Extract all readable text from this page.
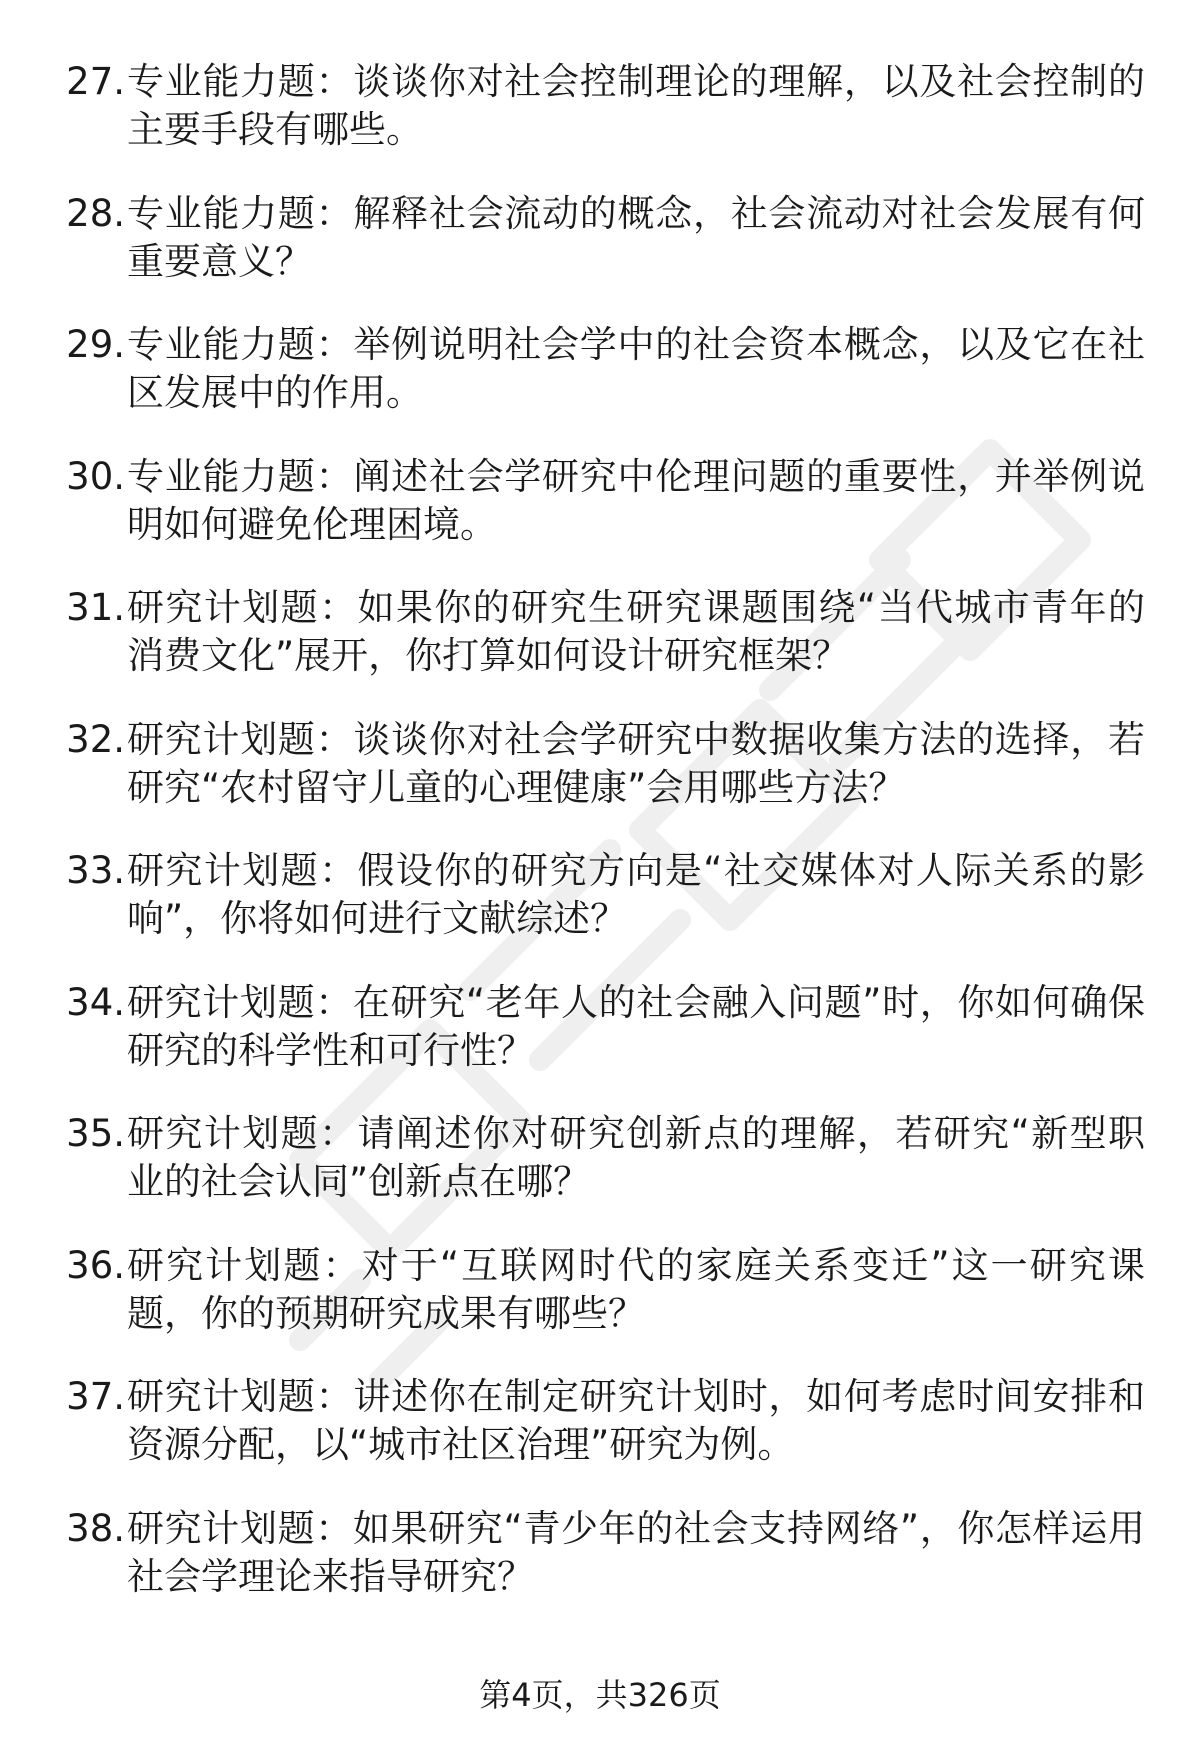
27. 专业能力题：谈谈你对社会控制理论的理解，以及社会控制的主要手段有哪些。
28. 专业能力题：解释社会流动的概念，社会流动对社会发展有何重要意义？
29. 专业能力题：举例说明社会学中的社会资本概念，以及它在社区发展中的作用。
30. 专业能力题：阐述社会学研究中伦理问题的重要性，并举例说明如何避免伦理困境。
31. 研究计划题：如果你的研究生研究课题围绕“当代城市青年的消费文化”展开，你打算如何设计研究框架？
32. 研究计划题：谈谈你对社会学研究中数据收集方法的选择，若研究“农村留守儿童的心理健康”会用哪些方法？
33. 研究计划题：假设你的研究方向是“社交媒体对人际关系的影响”，你将如何进行文献综述？
34. 研究计划题：在研究“老年人的社会融入问题”时，你如何确保研究的科学性和可行性？
35. 研究计划题：请阐述你对研究创新点的理解，若研究“新型职业的社会认同”创新点在哪？
36. 研究计划题：对于“互联网时代的家庭关系变迁”这一研究课题，你的预期研究成果有哪些？
37. 研究计划题：讲述你在制定研究计划时，如何考虑时间安排和资源分配，以“城市社区治理”研究为例。
38. 研究计划题：如果研究“青少年的社会支持网络”，你怎样运用社会学理论来指导研究？
第4页，共326页
